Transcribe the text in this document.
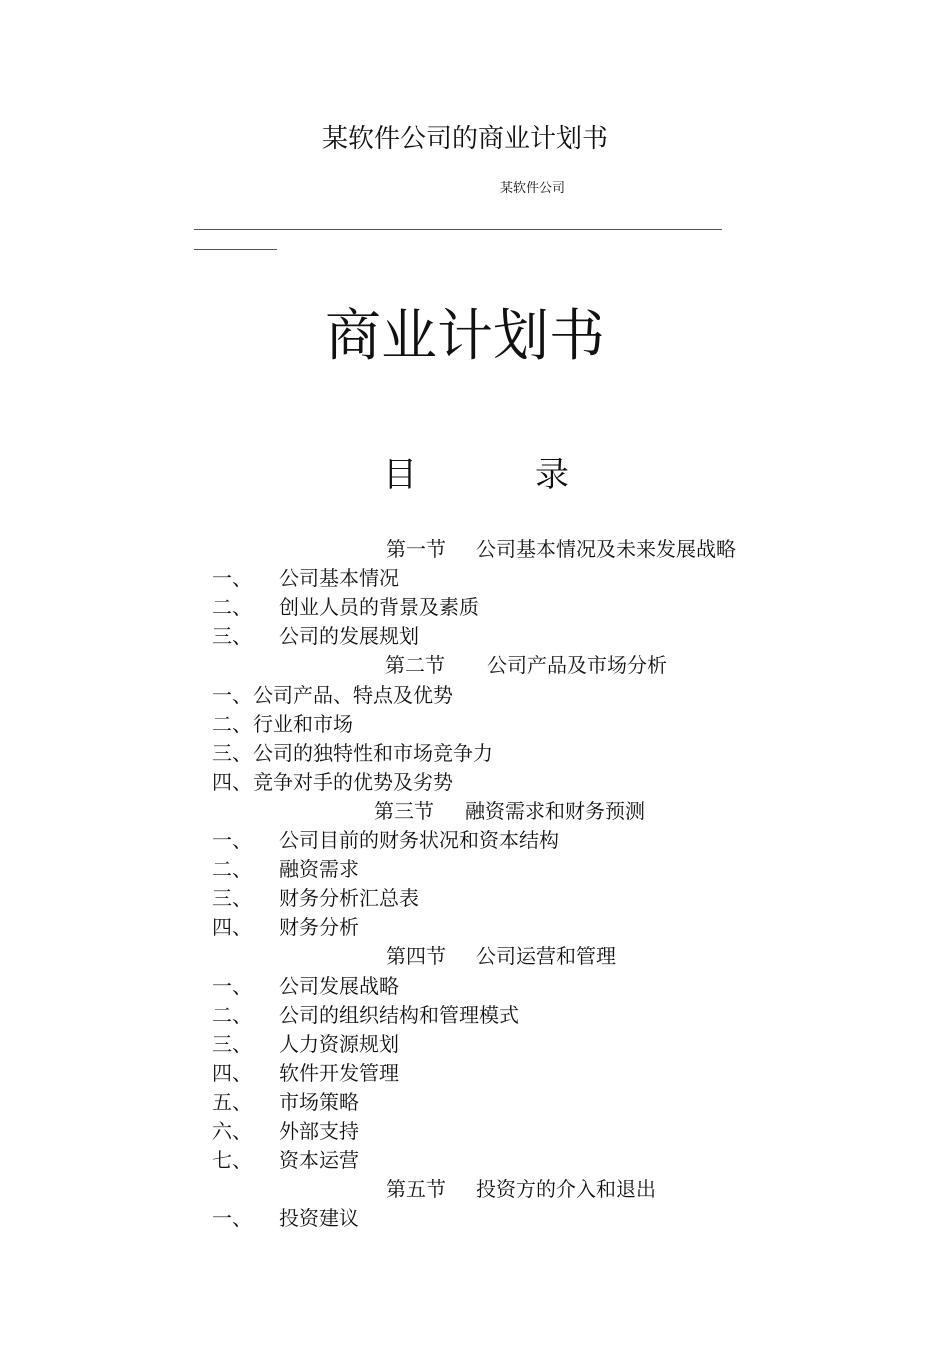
某软件公司的商业计划书
某软件公司
商业计划书
目	录
第一节 公司基本情况及未来发展战略
一、 公司基本情况
二、 创业人员的背景及素质
三、 公司的发展规划
第二节 公司产品及市场分析
一、 公司产品、特点及优势
二、 行业和市场
三、 公司的独特性和市场竞争力
四、 竞争对手的优势及劣势
第三节 融资需求和财务预测
一、 公司目前的财务状况和资本结构
二、 融资需求
三、 财务分析汇总表
四、 财务分析
第四节 公司运营和管理
一、 公司发展战略
二、 公司的组织结构和管理模式
三、 人力资源规划
四、 软件开发管理
五、 市场策略
六、 外部支持
七、 资本运营
第五节 投资方的介入和退出
一、 投资建议
